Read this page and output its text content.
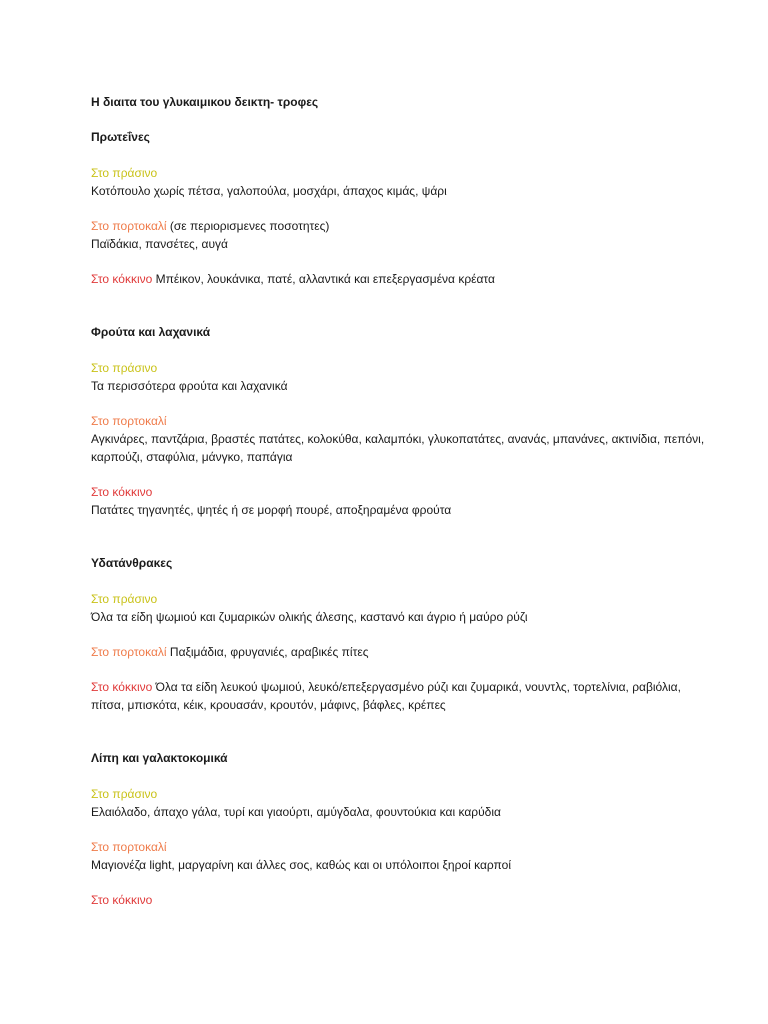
Η διαιτα του γλυκαιμικου δεικτη- τροφες

Πρωτεΐνες

Στο πράσινο

Κοτόπουλο χωρίς πέτσα, γαλοπούλα, μοσχάρι, άπαχος κιμάς, ψάρι

Στο πορτοκαλί (σε περιορισμενες ποσοτητες)

Παϊδάκια, πανσέτες, αυγά

Στο κόκκινο Μπέικον, λουκάνικα, πατέ, αλλαντικά και επεξεργασμένα κρέατα

Φρούτα και λαχανικά

Στο πράσινο

Τα περισσότερα φρούτα και λαχανικά

Στο πορτοκαλί

Αγκινάρες, παντζάρια, βραστές πατάτες, κολοκύθα, καλαμπόκι, γλυκοπατάτες, ανανάς, μπανάνες, ακτινίδια, πεπόνι, καρπούζι, σταφύλια, μάνγκο, παπάγια

Στο κόκκινο

Πατάτες τηγανητές, ψητές ή σε μορφή πουρέ, αποξηραμένα φρούτα

Υδατάνθρακες

Στο πράσινο

Όλα τα είδη ψωμιού και ζυμαρικών ολικής άλεσης, καστανό και άγριο ή μαύρο ρύζι

Στο πορτοκαλί Παξιμάδια, φρυγανιές, αραβικές πίτες

Στο κόκκινο Όλα τα είδη λευκού ψωμιού, λευκό/επεξεργασμένο ρύζι και ζυμαρικά, νουντλς, τορτελίνια, ραβιόλια, πίτσα, μπισκότα, κέικ, κρουασάν, κρουτόν, μάφινς, βάφλες, κρέπες

Λίπη και γαλακτοκομικά

Στο πράσινο

Ελαιόλαδο, άπαχο γάλα, τυρί και γιαούρτι, αμύγδαλα, φουντούκια και καρύδια

Στο πορτοκαλί

Μαγιονέζα light, μαργαρίνη και άλλες σος, καθώς και οι υπόλοιποι ξηροί καρποί

Στο κόκκινο
